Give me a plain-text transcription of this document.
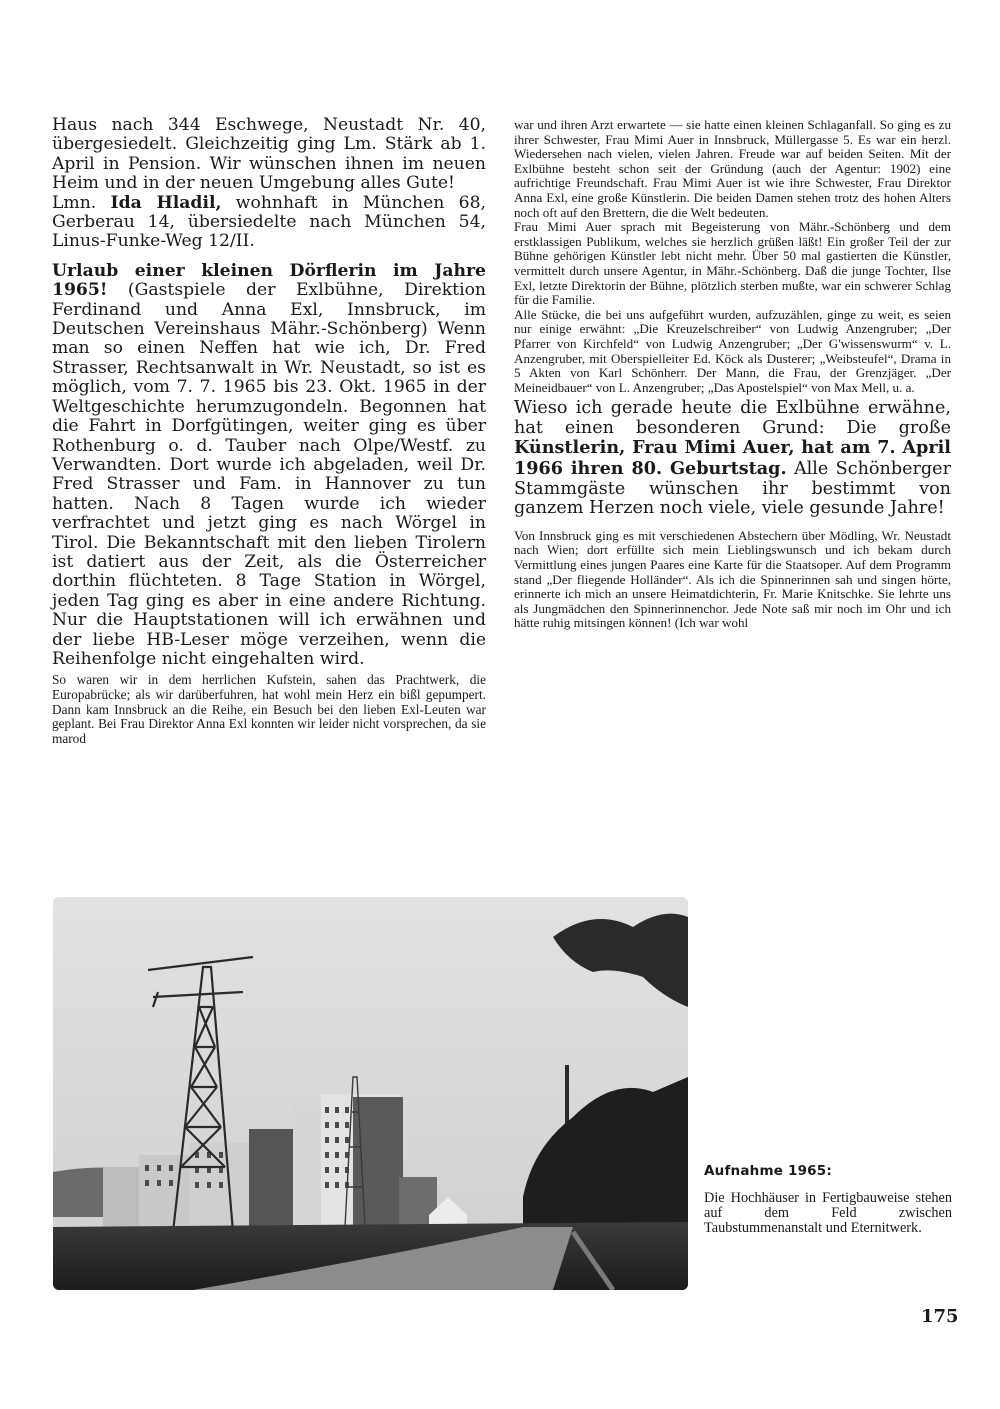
Haus nach 344 Eschwege, Neustadt Nr. 40, übergesiedelt. Gleichzeitig ging Lm. Stärk ab 1. April in Pension. Wir wünschen ihnen im neuen Heim und in der neuen Umgebung alles Gute!

Lmn. Ida Hladil, wohnhaft in München 68, Gerberau 14, übersiedelte nach München 54, Linus-Funke-Weg 12/II.

Urlaub einer kleinen Dörflerin im Jahre 1965! (Gastspiele der Exlbühne, Direktion Ferdinand und Anna Exl, Innsbruck, im Deutschen Vereinshaus Mähr.-Schönberg) Wenn man so einen Neffen hat wie ich, Dr. Fred Strasser, Rechtsanwalt in Wr. Neustadt, so ist es möglich, vom 7. 7. 1965 bis 23. Okt. 1965 in der Weltgeschichte herumzugondeln. Begonnen hat die Fahrt in Dorfgütingen, weiter ging es über Rothenburg o. d. Tauber nach Olpe/Westf. zu Verwandten. Dort wurde ich abgeladen, weil Dr. Fred Strasser und Fam. in Hannover zu tun hatten. Nach 8 Tagen wurde ich wieder verfrachtet und jetzt ging es nach Wörgel in Tirol. Die Bekanntschaft mit den lieben Tirolern ist datiert aus der Zeit, als die Österreicher dorthin flüchteten. 8 Tage Station in Wörgel, jeden Tag ging es aber in eine andere Richtung. Nur die Hauptstationen will ich erwähnen und der liebe HB-Leser möge verzeihen, wenn die Reihenfolge nicht eingehalten wird.

So waren wir in dem herrlichen Kufstein, sahen das Prachtwerk, die Europabrücke; als wir darüberfuhren, hat wohl mein Herz ein bißl gepumpert. Dann kam Innsbruck an die Reihe, ein Besuch bei den lieben Exl-Leuten war geplant. Bei Frau Direktor Anna Exl konnten wir leider nicht vorsprechen, da sie marod

war und ihren Arzt erwartete — sie hatte einen kleinen Schlaganfall. So ging es zu ihrer Schwester, Frau Mimi Auer in Innsbruck, Müllergasse 5. Es war ein herzl. Wiedersehen nach vielen, vielen Jahren. Freude war auf beiden Seiten. Mit der Exlbühne besteht schon seit der Gründung (auch der Agentur: 1902) eine aufrichtige Freundschaft. Frau Mimi Auer ist wie ihre Schwester, Frau Direktor Anna Exl, eine große Künstlerin. Die beiden Damen stehen trotz des hohen Alters noch oft auf den Brettern, die die Welt bedeuten.

Frau Mimi Auer sprach mit Begeisterung von Mähr.-Schönberg und dem erstklassigen Publikum, welches sie herzlich grüßen läßt! Ein großer Teil der zur Bühne gehörigen Künstler lebt nicht mehr. Über 50 mal gastierten die Künstler, vermittelt durch unsere Agentur, in Mähr.-Schönberg. Daß die junge Tochter, Ilse Exl, letzte Direktorin der Bühne, plötzlich sterben mußte, war ein schwerer Schlag für die Familie.

Alle Stücke, die bei uns aufgeführt wurden, aufzuzählen, ginge zu weit, es seien nur einige erwähnt: „Die Kreuzelschreiber“ von Ludwig Anzengruber; „Der Pfarrer von Kirchfeld“ von Ludwig Anzengruber; „Der G'wissenswurm“ v. L. Anzengruber, mit Oberspielleiter Ed. Köck als Dusterer; „Weibsteufel“, Drama in 5 Akten von Karl Schönherr. Der Mann, die Frau, der Grenzjäger. „Der Meineidbauer“ von L. Anzengruber; „Das Apostelspiel“ von Max Mell, u. a.

Wieso ich gerade heute die Exlbühne erwähne, hat einen besonderen Grund: Die große Künstlerin, Frau Mimi Auer, hat am 7. April 1966 ihren 80. Geburtstag. Alle Schönberger Stammgäste wünschen ihr bestimmt von ganzem Herzen noch viele, viele gesunde Jahre!

Von Innsbruck ging es mit verschiedenen Abstechern über Mödling, Wr. Neustadt nach Wien; dort erfüllte sich mein Lieblingswunsch und ich bekam durch Vermittlung eines jungen Paares eine Karte für die Staatsoper. Auf dem Programm stand „Der fliegende Holländer“. Als ich die Spinnerinnen sah und singen hörte, erinnerte ich mich an unsere Heimatdichterin, Fr. Marie Knitschke. Sie lehrte uns als Jungmädchen den Spinnerinnenchor. Jede Note saß mir noch im Ohr und ich hätte ruhig mitsingen können! (Ich war wohl

Aufnahme 1965:

Die Hochhäuser in Fertigbauweise stehen auf dem Feld zwischen Taubstummenanstalt und Eternitwerk.

175
